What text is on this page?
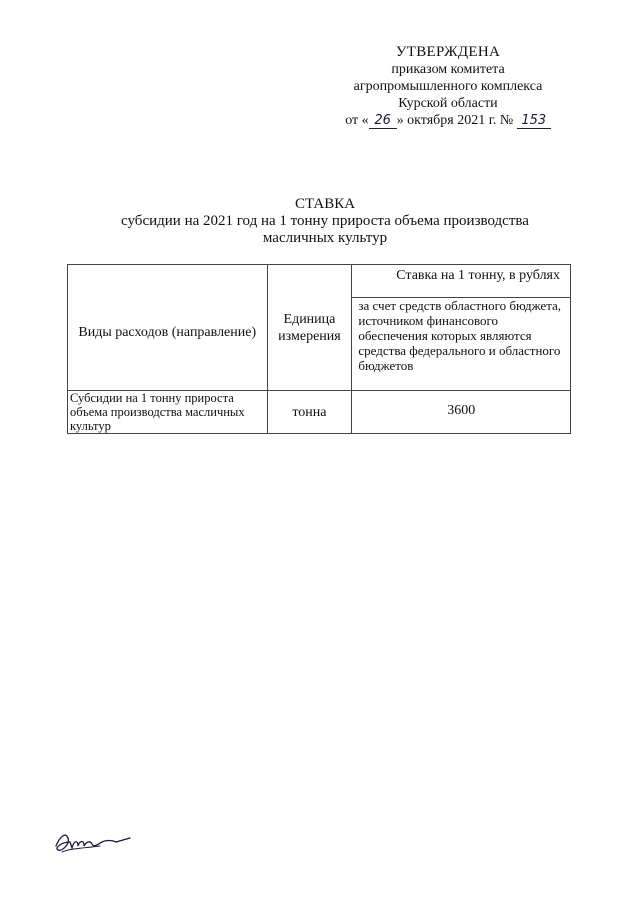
УТВЕРЖДЕНА
приказом комитета
агропромышленного комплекса
Курской области
от « 26 » октября 2021 г. № 153
СТАВКА
субсидии на 2021 год на 1 тонну прироста объема производства
масличных культур
Виды расходов (направление)	Единица измерения	Ставка на 1 тонну, в рублях
		за счет средств областного бюджета, источником финансового обеспечения которых являются средства федерального и областного бюджетов
Субсидии на 1 тонну прироста объема производства масличных культур	тонна	3600
